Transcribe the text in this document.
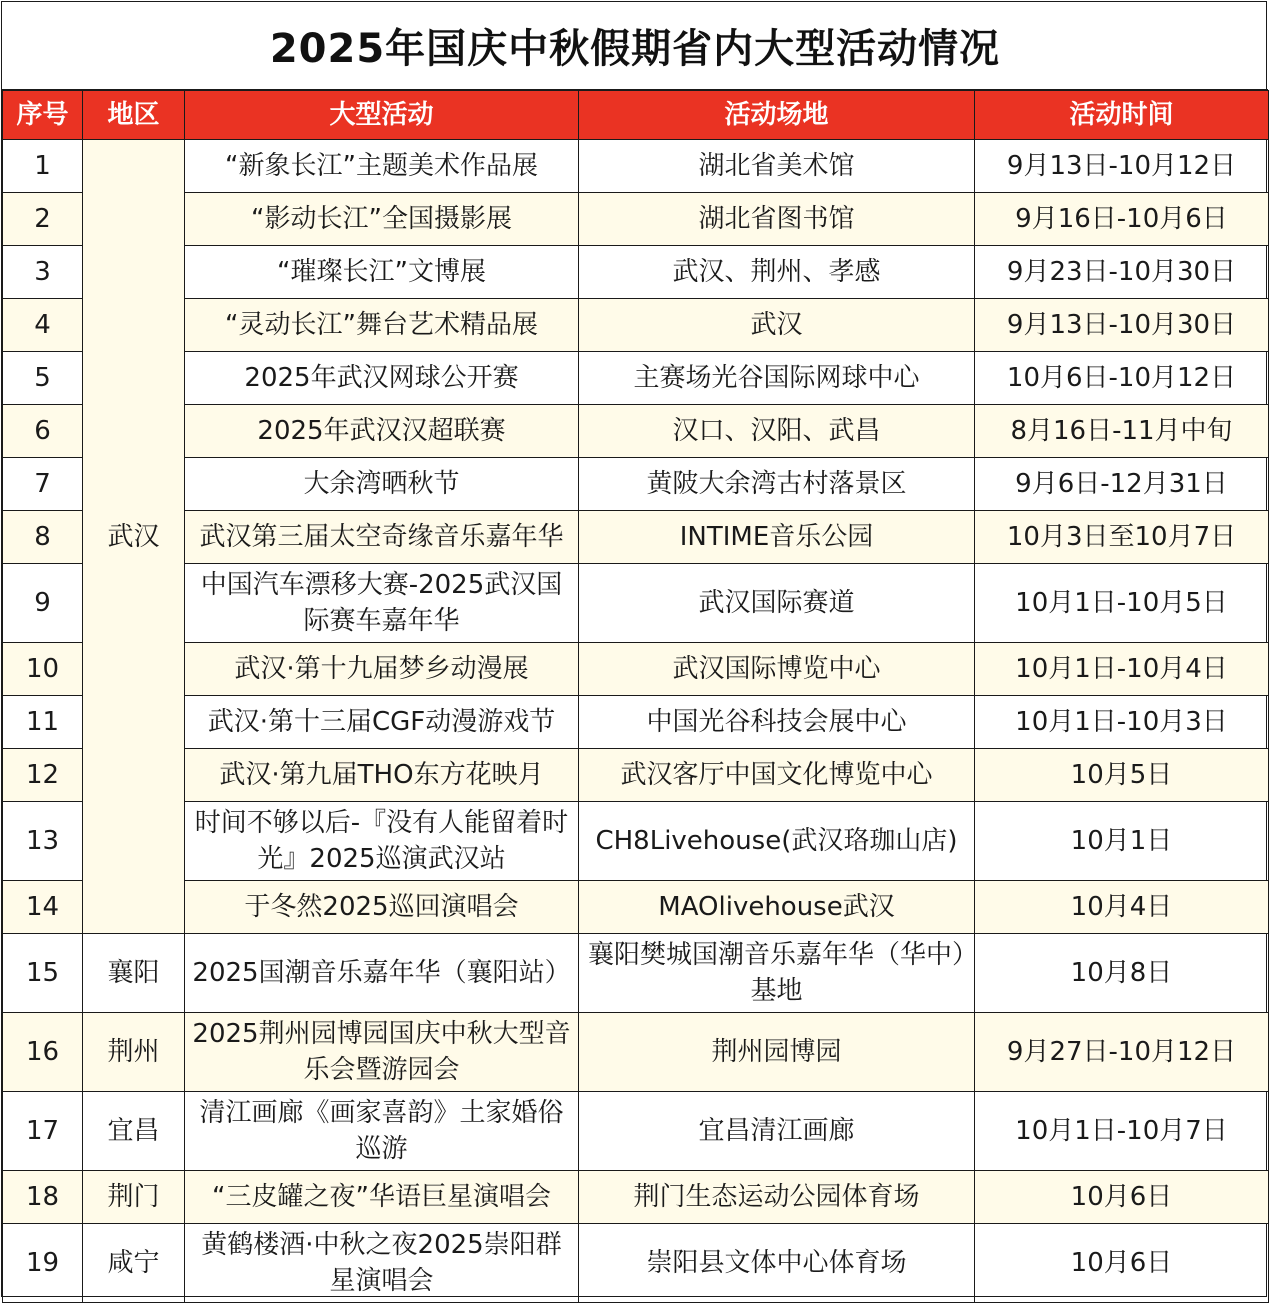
2025年国庆中秋假期省内大型活动情况
序号	地区	大型活动	活动场地	活动时间
1	武汉	“新象长江”主题美术作品展	湖北省美术馆	9月13日-10月12日
2		“影动长江”全国摄影展	湖北省图书馆	9月16日-10月6日
3		“璀璨长江”文博展	武汉、荆州、孝感	9月23日-10月30日
4		“灵动长江”舞台艺术精品展	武汉	9月13日-10月30日
5		2025年武汉网球公开赛	主赛场光谷国际网球中心	10月6日-10月12日
6		2025年武汉汉超联赛	汉口、汉阳、武昌	8月16日-11月中旬
7		大余湾晒秋节	黄陂大余湾古村落景区	9月6日-12月31日
8		武汉第三届太空奇缘音乐嘉年华	INTIME音乐公园	10月3日至10月7日
9		中国汽车漂移大赛-2025武汉国际赛车嘉年华	武汉国际赛道	10月1日-10月5日
10		武汉·第十九届梦乡动漫展	武汉国际博览中心	10月1日-10月4日
11		武汉·第十三届CGF动漫游戏节	中国光谷科技会展中心	10月1日-10月3日
12		武汉·第九届THO东方花映月	武汉客厅中国文化博览中心	10月5日
13		时间不够以后-『没有人能留着时光』2025巡演武汉站	CH8Livehouse(武汉珞珈山店)	10月1日
14		于冬然2025巡回演唱会	MAOlivehouse武汉	10月4日
15	襄阳	2025国潮音乐嘉年华（襄阳站）	襄阳樊城国潮音乐嘉年华（华中）基地	10月8日
16	荆州	2025荆州园博园国庆中秋大型音乐会暨游园会	荆州园博园	9月27日-10月12日
17	宜昌	清江画廊《画家喜韵》土家婚俗巡游	宜昌清江画廊	10月1日-10月7日
18	荆门	“三皮罐之夜”华语巨星演唱会	荆门生态运动公园体育场	10月6日
19	咸宁	黄鹤楼酒·中秋之夜2025崇阳群星演唱会	崇阳县文体中心体育场	10月6日
